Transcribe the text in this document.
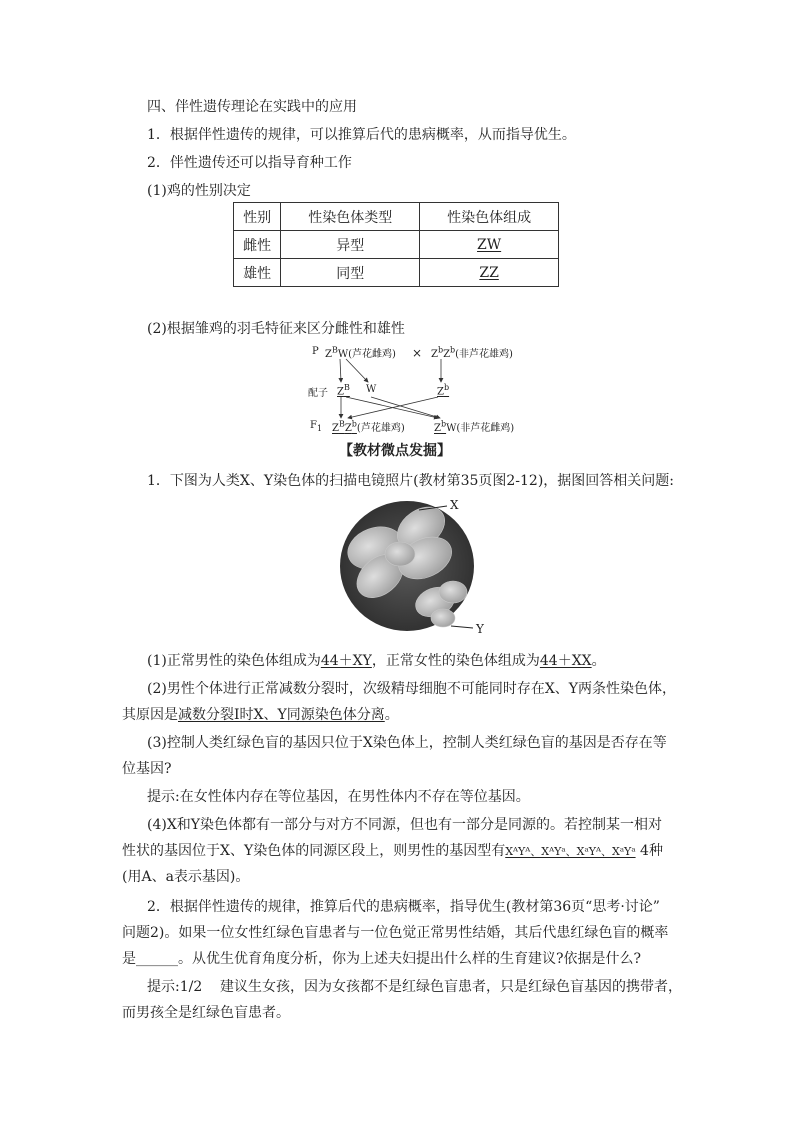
四、伴性遗传理论在实践中的应用
1．根据伴性遗传的规律，可以推算后代的患病概率，从而指导优生。
2．伴性遗传还可以指导育种工作
(1)鸡的性别决定
性别	性染色体类型	性染色体组成
雌性	异型	ZW
雄性	同型	ZZ
(2)根据雏鸡的羽毛特征来区分雌性和雄性
P $Z^BW$(芦花雌鸡) × $Z^bZ^b$(非芦花雄鸡)
配子 $Z^B$ W	$Z^b$
$F_1$ $Z^BZ^b$(芦花雄鸡)	$Z^bW$(非芦花雌鸡)
【教材微点发掘】
1．下图为人类X、Y染色体的扫描电镜照片(教材第35页图2-12)，据图回答相关问题:
X
Y
(1)正常男性的染色体组成为44＋XY，正常女性的染色体组成为44＋XX。
(2)男性个体进行正常减数分裂时，次级精母细胞不可能同时存在X、Y两条性染色体，
其原因是减数分裂Ⅰ时X、Y同源染色体分离。
(3)控制人类红绿色盲的基因只位于X染色体上，控制人类红绿色盲的基因是否存在等
位基因?
提示:在女性体内存在等位基因，在男性体内不存在等位基因。
(4)X和Y染色体都有一部分与对方不同源，但也有一部分是同源的。若控制某一相对
性状的基因位于X、Y染色体的同源区段上，则男性的基因型有XᴬYᴬ、XᴬYᵃ、XᵃYᴬ、XᵃYᵃ 4种
(用A、a表示基因)。
2．根据伴性遗传的规律，推算后代的患病概率，指导优生(教材第36页“思考·讨论”
问题2)。如果一位女性红绿色盲患者与一位色觉正常男性结婚，其后代患红绿色盲的概率
是______。从优生优育角度分析，你为上述夫妇提出什么样的生育建议?依据是什么?
提示:1/2    建议生女孩，因为女孩都不是红绿色盲患者，只是红绿色盲基因的携带者，
而男孩全是红绿色盲患者。
